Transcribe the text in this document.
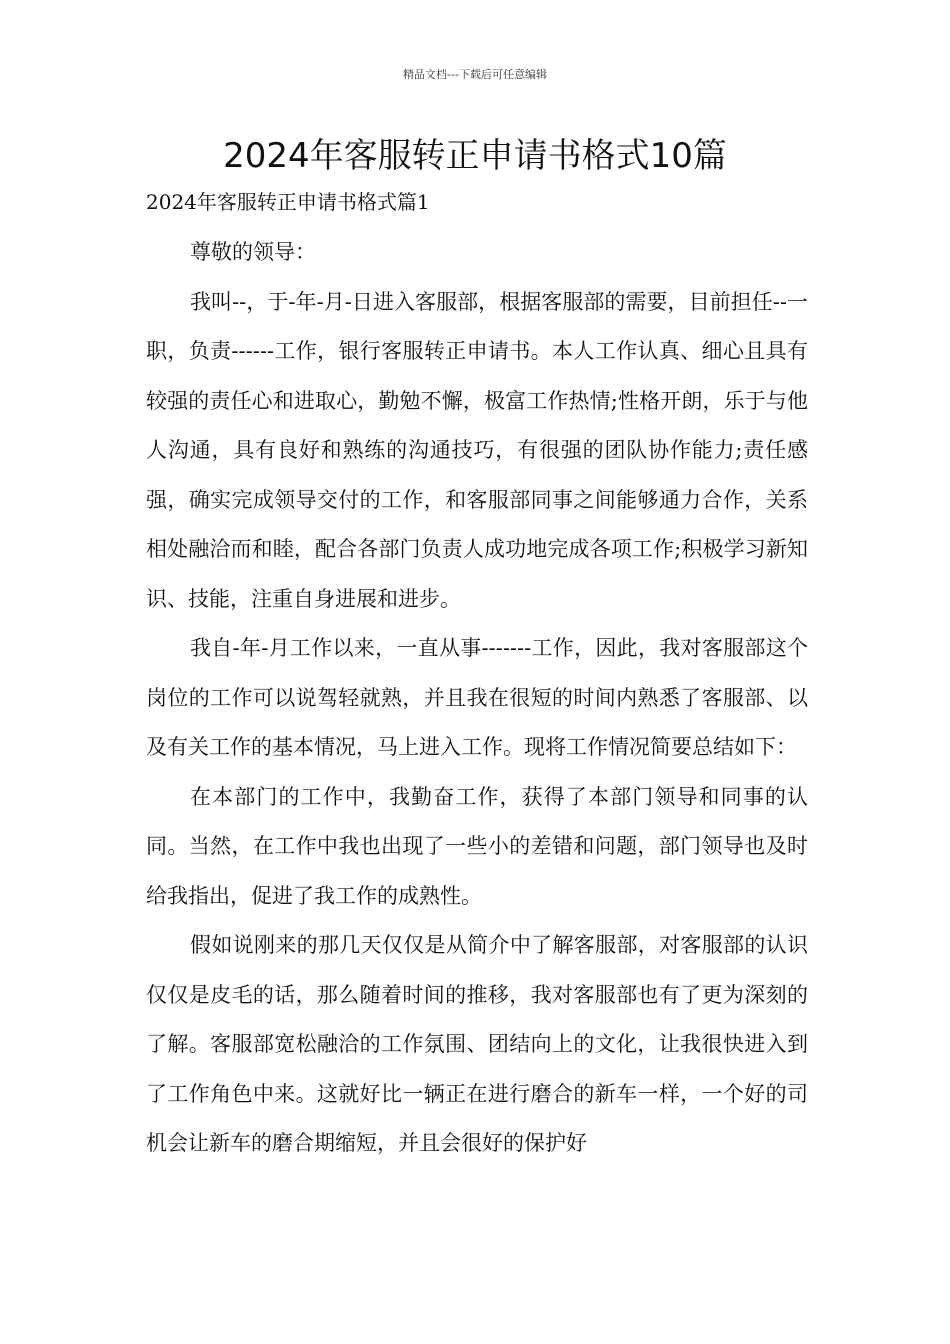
精品文档---下载后可任意编辑
2024年客服转正申请书格式10篇
2024年客服转正申请书格式篇1

尊敬的领导：

我叫--，于-年-月-日进入客服部，根据客服部的需要，目前担任--一职，负责------工作，银行客服转正申请书。本人工作认真、细心且具有较强的责任心和进取心，勤勉不懈，极富工作热情;性格开朗，乐于与他人沟通，具有良好和熟练的沟通技巧，有很强的团队协作能力;责任感强，确实完成领导交付的工作，和客服部同事之间能够通力合作，关系相处融洽而和睦，配合各部门负责人成功地完成各项工作;积极学习新知识、技能，注重自身进展和进步。

我自-年-月工作以来，一直从事-------工作，因此，我对客服部这个岗位的工作可以说驾轻就熟，并且我在很短的时间内熟悉了客服部、以及有关工作的基本情况，马上进入工作。现将工作情况简要总结如下：

在本部门的工作中，我勤奋工作，获得了本部门领导和同事的认同。当然，在工作中我也出现了一些小的差错和问题，部门领导也及时给我指出，促进了我工作的成熟性。

假如说刚来的那几天仅仅是从简介中了解客服部，对客服部的认识仅仅是皮毛的话，那么随着时间的推移，我对客服部也有了更为深刻的了解。客服部宽松融洽的工作氛围、团结向上的文化，让我很快进入到了工作角色中来。这就好比一辆正在进行磨合的新车一样，一个好的司机会让新车的磨合期缩短，并且会很好的保护好
